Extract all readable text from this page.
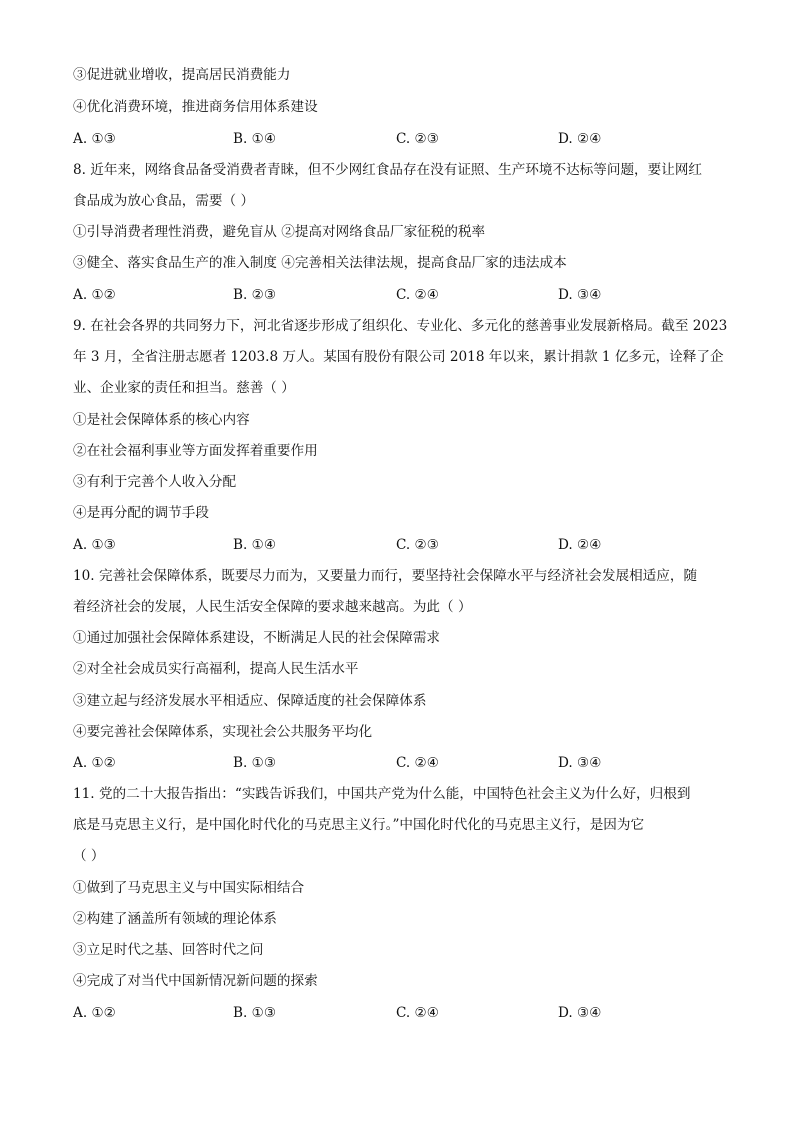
③促进就业增收，提高居民消费能力
④优化消费环境，推进商务信用体系建设
A. ①③	B. ①④	C. ②③	D. ②④
8. 近年来，网络食品备受消费者青睐，但不少网红食品存在没有证照、生产环境不达标等问题，要让网红
食品成为放心食品，需要（ ）
①引导消费者理性消费，避免盲从 ②提高对网络食品厂家征税的税率
③健全、落实食品生产的准入制度 ④完善相关法律法规，提高食品厂家的违法成本
A. ①②	B. ②③	C. ②④	D. ③④
9. 在社会各界的共同努力下，河北省逐步形成了组织化、专业化、多元化的慈善事业发展新格局。截至 2023
年 3 月，全省注册志愿者 1203.8 万人。某国有股份有限公司 2018 年以来，累计捐款 1 亿多元，诠释了企
业、企业家的责任和担当。慈善（ ）
①是社会保障体系的核心内容
②在社会福利事业等方面发挥着重要作用
③有利于完善个人收入分配
④是再分配的调节手段
A. ①③	B. ①④	C. ②③	D. ②④
10. 完善社会保障体系，既要尽力而为，又要量力而行，要坚持社会保障水平与经济社会发展相适应，随
着经济社会的发展，人民生活安全保障的要求越来越高。为此（ ）
①通过加强社会保障体系建设，不断满足人民的社会保障需求
②对全社会成员实行高福利，提高人民生活水平
③建立起与经济发展水平相适应、保障适度的社会保障体系
④要完善社会保障体系，实现社会公共服务平均化
A. ①②	B. ①③	C. ②④	D. ③④
11. 党的二十大报告指出：“实践告诉我们，中国共产党为什么能，中国特色社会主义为什么好，归根到
底是马克思主义行，是中国化时代化的马克思主义行。”中国化时代化的马克思主义行，是因为它
（ ）
①做到了马克思主义与中国实际相结合
②构建了涵盖所有领域的理论体系
③立足时代之基、回答时代之问
④完成了对当代中国新情况新问题的探索
A. ①②	B. ①③	C. ②④	D. ③④
